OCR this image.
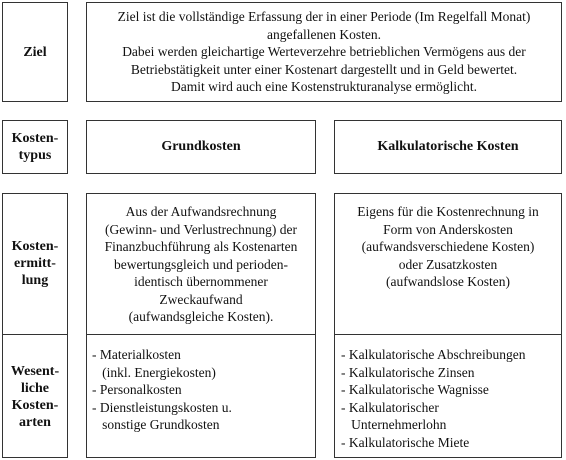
Ziel
Ziel ist die vollständige Erfassung der in einer Periode (Im Regelfall Monat)
angefallenen Kosten.
Dabei werden gleichartige Werteverzehre betrieblichen Vermögens aus der
Betriebstätigkeit unter einer Kostenart dargestellt und in Geld bewertet.
Damit wird auch eine Kostenstrukturanalyse ermöglicht.
Kosten-
typus
Grundkosten	Kalkulatorische Kosten
Kosten-
ermitt-
lung
Wesent-
liche
Kosten-
arten
Aus der Aufwandsrechnung
(Gewinn- und Verlustrechnung) der
Finanzbuchführung als Kostenarten
bewertungsgleich und perioden-
identisch übernommener
Zweckaufwand
(aufwandsgleiche Kosten).
- Materialkosten
(inkl. Energiekosten)
- Personalkosten
- Dienstleistungskosten u.
sonstige Grundkosten
Eigens für die Kostenrechnung in
Form von Anderskosten
(aufwandsverschiedene Kosten)
oder Zusatzkosten
(aufwandslose Kosten)
- Kalkulatorische Abschreibungen
- Kalkulatorische Zinsen
- Kalkulatorische Wagnisse
- Kalkulatorischer
Unternehmerlohn
- Kalkulatorische Miete
